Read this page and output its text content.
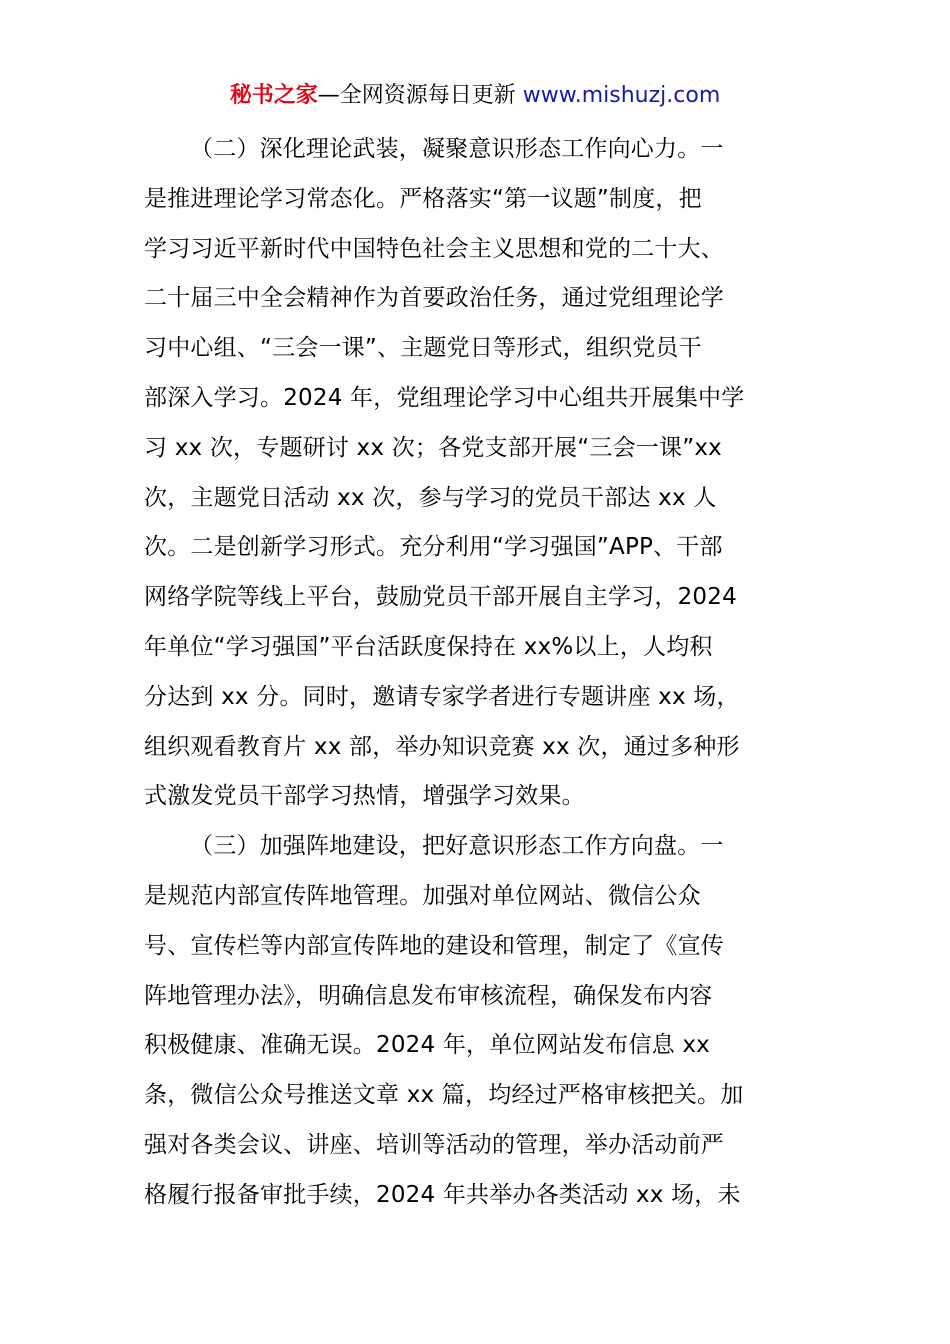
秘书之家—全网资源每日更新 www.mishuzj.com
（二）深化理论武装，凝聚意识形态工作向心力。一
是推进理论学习常态化。严格落实“第一议题”制度，把
学习习近平新时代中国特色社会主义思想和党的二十大、
二十届三中全会精神作为首要政治任务，通过党组理论学
习中心组、“三会一课”、主题党日等形式，组织党员干
部深入学习。2024 年，党组理论学习中心组共开展集中学
习 xx 次，专题研讨 xx 次；各党支部开展“三会一课”xx
次，主题党日活动 xx 次，参与学习的党员干部达 xx 人
次。二是创新学习形式。充分利用“学习强国”APP、干部
网络学院等线上平台，鼓励党员干部开展自主学习，2024
年单位“学习强国”平台活跃度保持在 xx%以上，人均积
分达到 xx 分。同时，邀请专家学者进行专题讲座 xx 场，
组织观看教育片 xx 部，举办知识竞赛 xx 次，通过多种形
式激发党员干部学习热情，增强学习效果。
（三）加强阵地建设，把好意识形态工作方向盘。一
是规范内部宣传阵地管理。加强对单位网站、微信公众
号、宣传栏等内部宣传阵地的建设和管理，制定了《宣传
阵地管理办法》，明确信息发布审核流程，确保发布内容
积极健康、准确无误。2024 年，单位网站发布信息 xx
条，微信公众号推送文章 xx 篇，均经过严格审核把关。加
强对各类会议、讲座、培训等活动的管理，举办活动前严
格履行报备审批手续，2024 年共举办各类活动 xx 场，未
